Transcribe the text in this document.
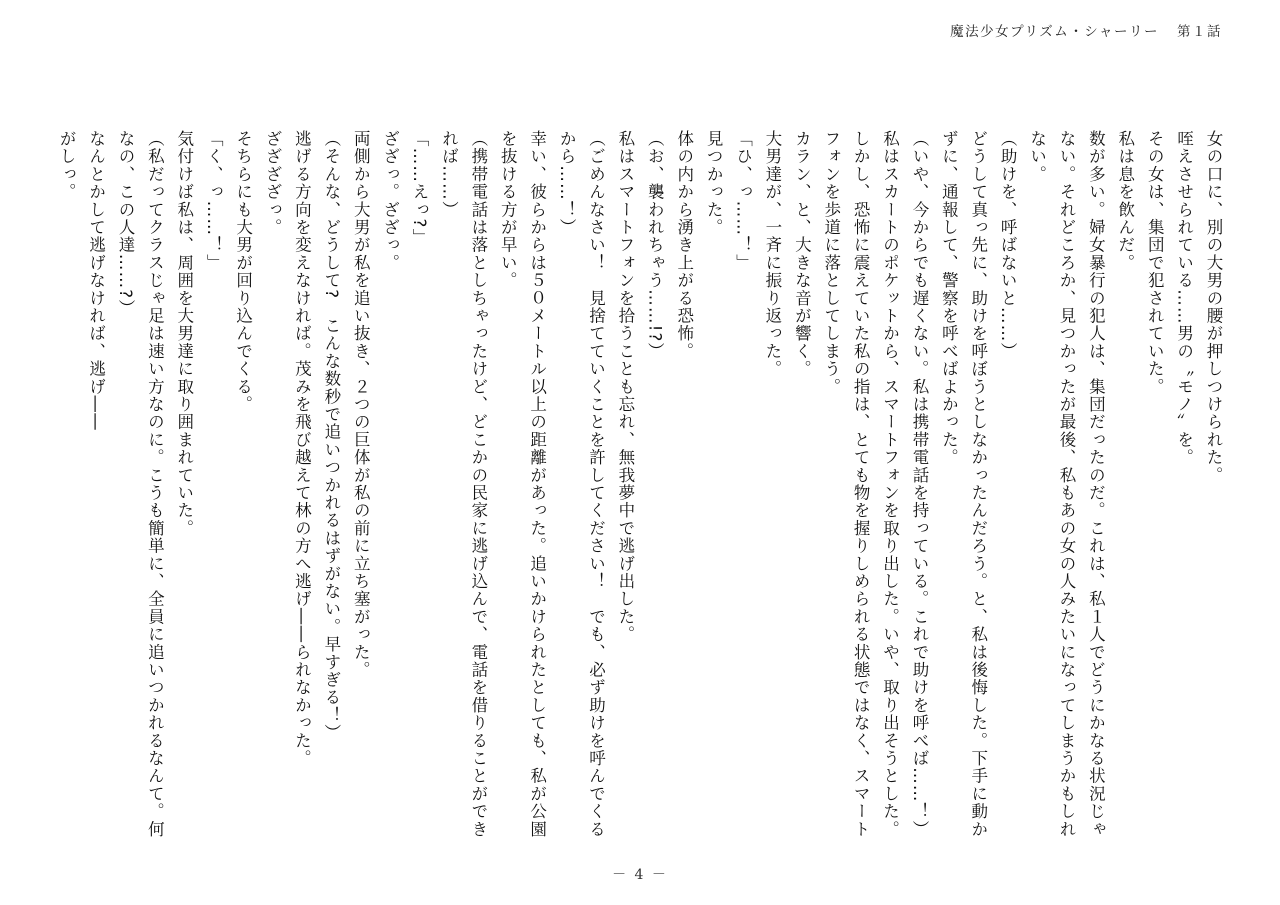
魔法少女プリズム・シャーリー 第１話

女の口に、別の大男の腰が押しつけられた。

咥えさせられている……男の〝モノ〟を。

その女は、集団で犯されていた。

私は息を飲んだ。

数が多い。婦女暴行の犯人は、集団だったのだ。これは、私１人でどうにかなる状況じゃない。それどころか、見つかったが最後、私もあの女の人みたいになってしまうかもしれない。

（助けを、呼ばないと……）

どうして真っ先に、助けを呼ぼうとしなかったんだろう。と、私は後悔した。下手に動かずに、通報して、警察を呼べばよかった。

（いや、今からでも遅くない。私は携帯電話を持っている。これで助けを呼べば……！）

私はスカートのポケットから、スマートフォンを取り出した。いや、取り出そうとした。

しかし、恐怖に震えていた私の指は、とても物を握りしめられる状態ではなく、スマートフォンを歩道に落としてしまう。

カラン、と、大きな音が響く。

大男達が、一斉に振り返った。

「ひ、っ……！」

見つかった。

体の内から湧き上がる恐怖。

（お、襲われちゃう……!?）

私はスマートフォンを拾うことも忘れ、無我夢中で逃げ出した。

（ごめんなさい！　見捨てていくことを許してください！　でも、必ず助けを呼んでくるから……！）

幸い、彼らからは５０メートル以上の距離があった。追いかけられたとしても、私が公園を抜ける方が早い。

（携帯電話は落としちゃったけど、どこかの民家に逃げ込んで、電話を借りることができれば……）

「……えっ?」

ざざっ。ざざっ。

両側から大男が私を追い抜き、２つの巨体が私の前に立ち塞がった。

（そんな、どうして?　こんな数秒で追いつかれるはずがない。早すぎる！）

逃げる方向を変えなければ。茂みを飛び越えて林の方へ逃げ――られなかった。

ざざざざっ。

そちらにも大男が回り込んでくる。

「く、っ……！」

気付けば私は、周囲を大男達に取り囲まれていた。

（私だってクラスじゃ足は速い方なのに。こうも簡単に、全員に追いつかれるなんて。何なの、この人達……?）

なんとかして逃げなければ、逃げ――

がしっ。

－ 4 －
